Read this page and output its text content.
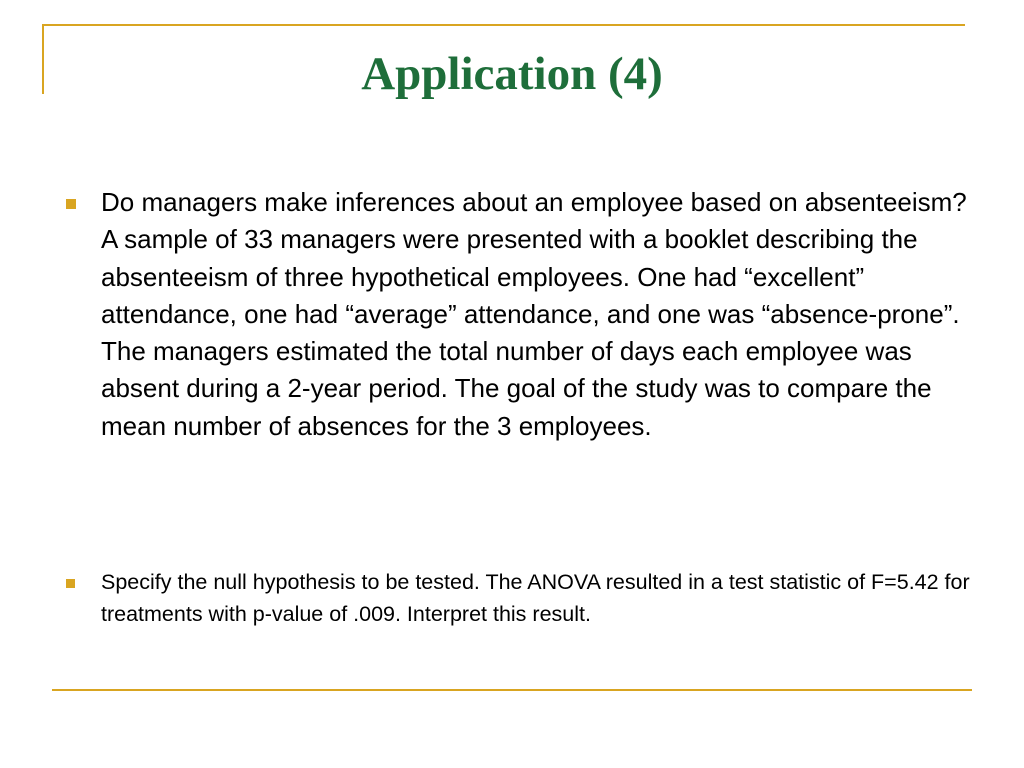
Application (4)

Do managers make inferences about an employee based on absenteeism? A sample of 33 managers were presented with a booklet describing the absenteeism of three hypothetical employees. One had “excellent” attendance, one had “average” attendance, and one was “absence-prone”. The managers estimated the total number of days each employee was absent during a 2-year period. The goal of the study was to compare the mean number of absences for the 3 employees.

Specify the null hypothesis to be tested. The ANOVA resulted in a test statistic of F=5.42 for treatments with p-value of .009. Interpret this result.
